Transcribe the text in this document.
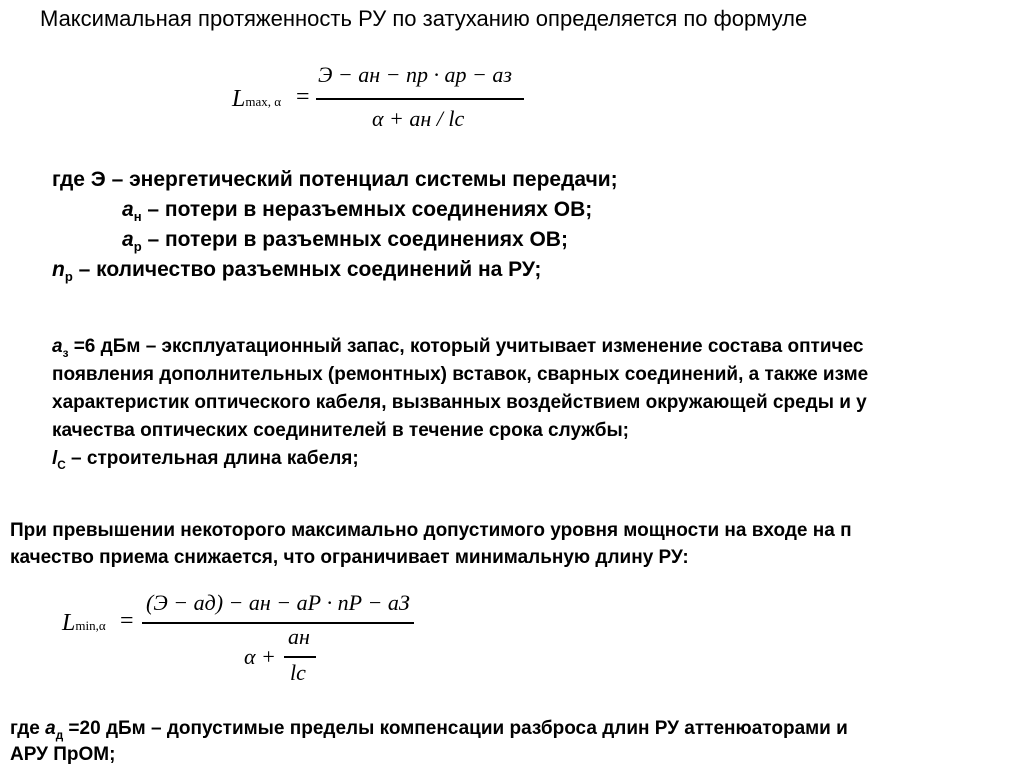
Максимальная протяженность РУ по затуханию определяется по формуле
Lmax, α =
Э − aн − nр · aр − aз
α + aн / lс
где Э – энергетический потенциал системы передачи;
$а_н$ – потери в неразъемных соединениях ОВ;
$а_р$ – потери в разъемных соединениях ОВ;
$n_р$ – количество разъемных соединений на РУ;
$а_з =6$ дБм – эксплуатационный запас, который учитывает изменение состава оптичес
появления дополнительных (ремонтных) вставок, сварных соединений, а также изме
характеристик оптического кабеля, вызванных воздействием окружающей среды и у
качества оптических соединителей в течение срока службы;
$l_С$ – строительная длина кабеля;
При превышении некоторого максимально допустимого уровня мощности на входе на п
качество приема снижается, что ограничивает минимальную длину РУ:
Lmin,α =
(Э − aд) − aн − aР · nР − aЗ
α +
aн
lc
где $а_д =20$ дБм – допустимые пределы компенсации разброса длин РУ аттенюаторами и
АРУ ПрОМ;
